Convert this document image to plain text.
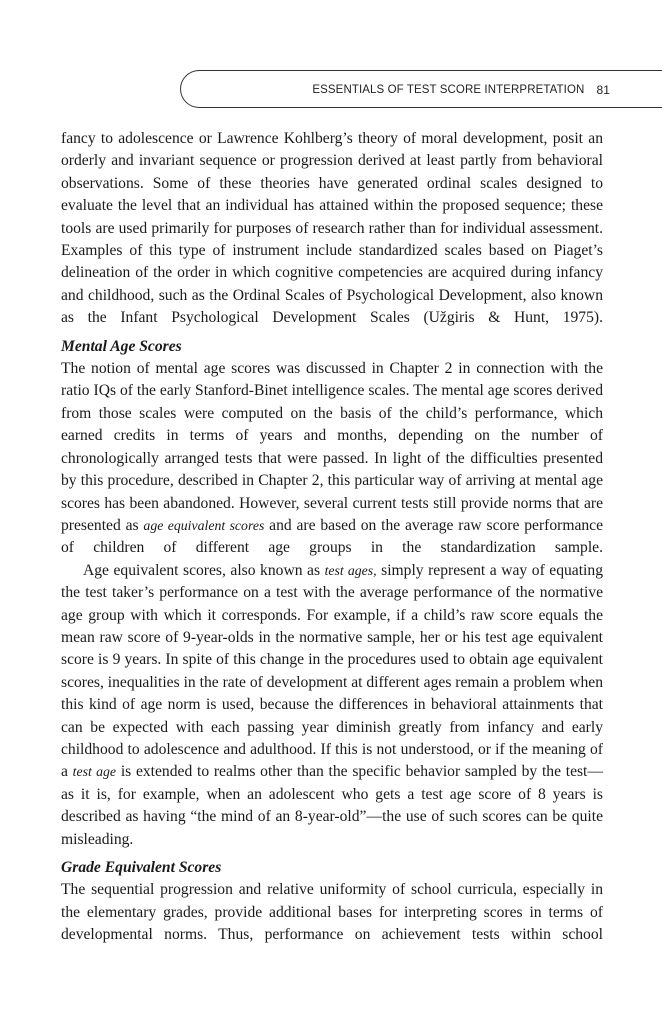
ESSENTIALS OF TEST SCORE INTERPRETATION 81

fancy to adolescence or Lawrence Kohlberg’s theory of moral development, posit an orderly and invariant sequence or progression derived at least partly from behavioral observations. Some of these theories have generated ordinal scales designed to evaluate the level that an individual has attained within the proposed sequence; these tools are used primarily for purposes of research rather than for individual assessment. Examples of this type of instrument include standardized scales based on Piaget’s delineation of the order in which cognitive competencies are acquired during infancy and childhood, such as the Ordinal Scales of Psychological Development, also known as the Infant Psychological Development Scales (Užgiris & Hunt, 1975).

Mental Age Scores

The notion of mental age scores was discussed in Chapter 2 in connection with the ratio IQs of the early Stanford-Binet intelligence scales. The mental age scores derived from those scales were computed on the basis of the child’s performance, which earned credits in terms of years and months, depending on the number of chronologically arranged tests that were passed. In light of the difficulties presented by this procedure, described in Chapter 2, this particular way of arriving at mental age scores has been abandoned. However, several current tests still provide norms that are presented as age equivalent scores and are based on the average raw score performance of children of different age groups in the standardization sample.

Age equivalent scores, also known as test ages, simply represent a way of equating the test taker’s performance on a test with the average performance of the normative age group with which it corresponds. For example, if a child’s raw score equals the mean raw score of 9-year-olds in the normative sample, her or his test age equivalent score is 9 years. In spite of this change in the procedures used to obtain age equivalent scores, inequalities in the rate of development at different ages remain a problem when this kind of age norm is used, because the differences in behavioral attainments that can be expected with each passing year diminish greatly from infancy and early childhood to adolescence and adulthood. If this is not understood, or if the meaning of a test age is extended to realms other than the specific behavior sampled by the test—as it is, for example, when an adolescent who gets a test age score of 8 years is described as having “the mind of an 8-year-old”—the use of such scores can be quite misleading.

Grade Equivalent Scores

The sequential progression and relative uniformity of school curricula, especially in the elementary grades, provide additional bases for interpreting scores in terms of developmental norms. Thus, performance on achievement tests within school
